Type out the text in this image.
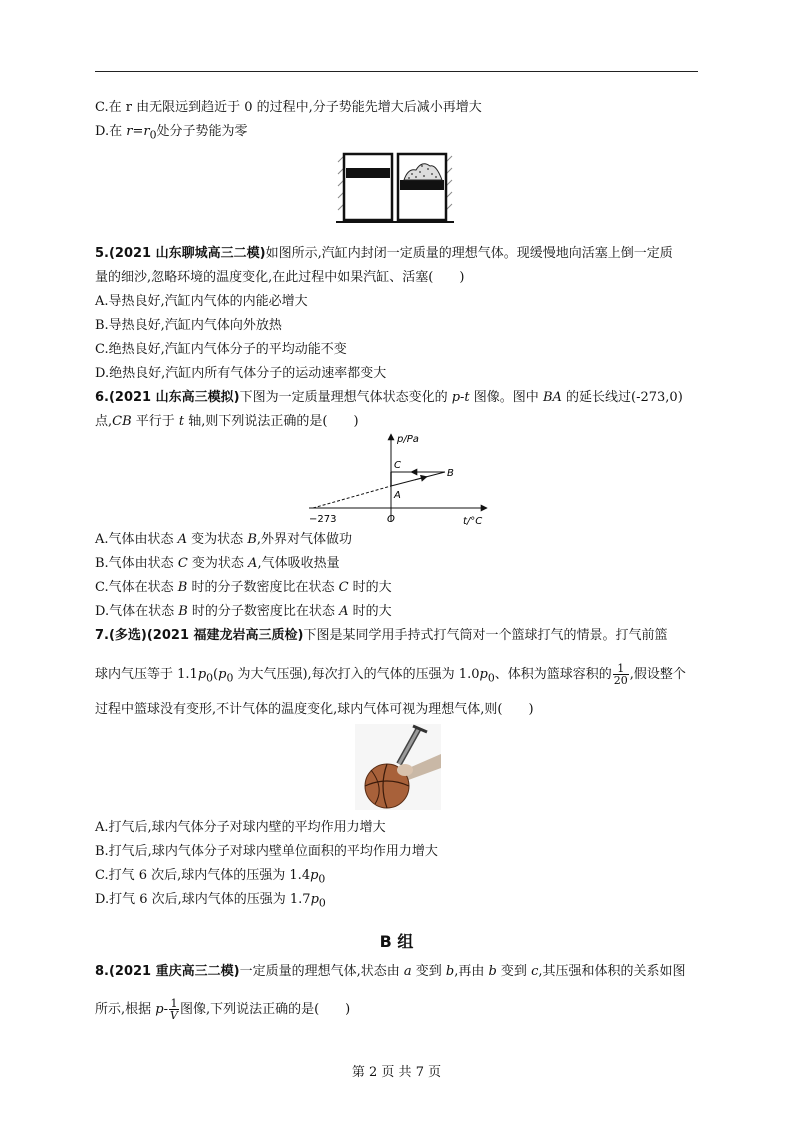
C.在 r 由无限远到趋近于 0 的过程中,分子势能先增大后减小再增大
D.在 $r=r_0$处分子势能为零
5.(2021 山东聊城高三二模)如图所示,汽缸内封闭一定质量的理想气体。现缓慢地向活塞上倒一定质
量的细沙,忽略环境的温度变化,在此过程中如果汽缸、活塞(　　)
A.导热良好,汽缸内气体的内能必增大
B.导热良好,汽缸内气体向外放热
C.绝热良好,汽缸内气体分子的平均动能不变
D.绝热良好,汽缸内所有气体分子的运动速率都变大
6.(2021 山东高三模拟)下图为一定质量理想气体状态变化的 p-t 图像。图中 BA 的延长线过(-273,0)
点,CB 平行于 t 轴,则下列说法正确的是(　　)
p/Pa
t/°C
O
−273
A
B
C
A.气体由状态 A 变为状态 B,外界对气体做功
B.气体由状态 C 变为状态 A,气体吸收热量
C.气体在状态 B 时的分子数密度比在状态 C 时的大
D.气体在状态 B 时的分子数密度比在状态 A 时的大
7.(多选)(2021 福建龙岩高三质检)下图是某同学用手持式打气筒对一个篮球打气的情景。打气前篮
球内气压等于 $1.1p_0(p_0$ 为大气压强),每次打入的气体的压强为 $1.0p_0$、体积为篮球容积的 $\frac{1}{20}$ ,假设整个
过程中篮球没有变形,不计气体的温度变化,球内气体可视为理想气体,则(　　)
A.打气后,球内气体分子对球内壁的平均作用力增大
B.打气后,球内气体分子对球内壁单位面积的平均作用力增大
C.打气 6 次后,球内气体的压强为 $1.4p_0$
D.打气 6 次后,球内气体的压强为 $1.7p_0$
B 组
8.(2021 重庆高三二模)一定质量的理想气体,状态由 a 变到 b,再由 b 变到 c,其压强和体积的关系如图
所示,根据 $p- \frac{1}{V}$ 图像,下列说法正确的是(　　)
第 2 页 共 7 页
